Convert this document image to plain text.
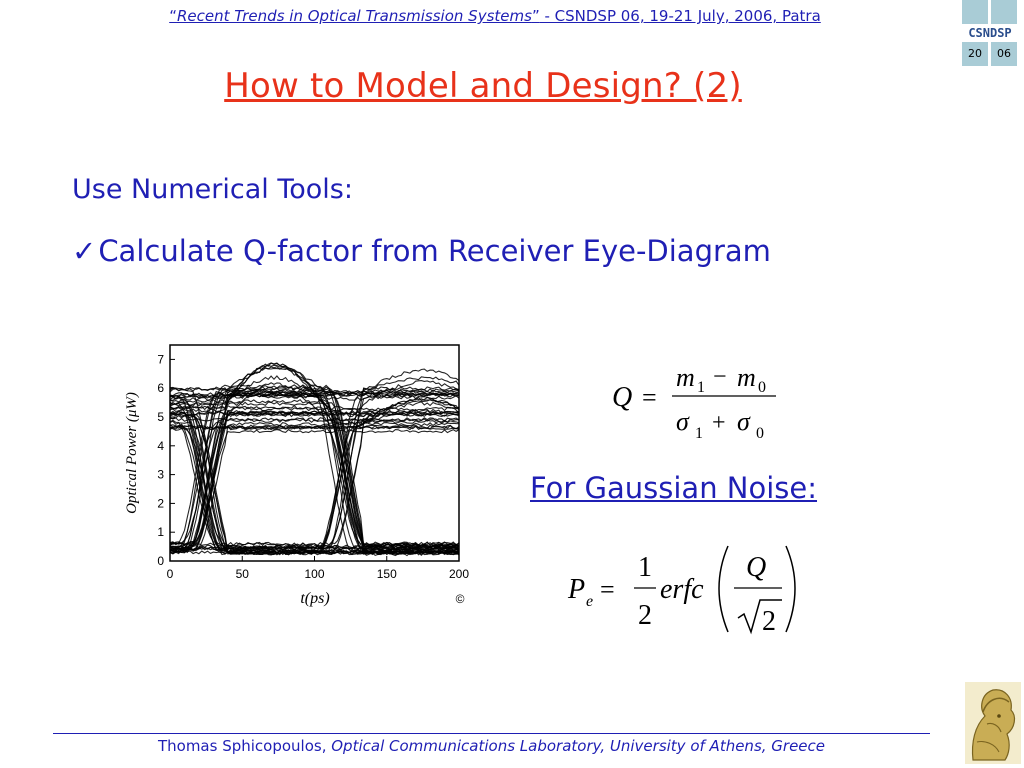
“Recent Trends in Optical Transmission Systems” - CSNDSP 06, 19-21 July, 2006, Patra
CSNDSP
20	06
How to Model and Design? (2)
Use Numerical Tools:
✓Calculate Q-factor from Receiver Eye-Diagram
0	50	100	150	200
0
1
2
3
4
5
6
7
t(ps)
Optical Power (μW)
©
Q =
m 1 − m 0
σ 1 + σ 0
For Gaussian Noise:
P e =
1
2
erfc
Q
2
Thomas Sphicopoulos, Optical Communications Laboratory, University of Athens, Greece
